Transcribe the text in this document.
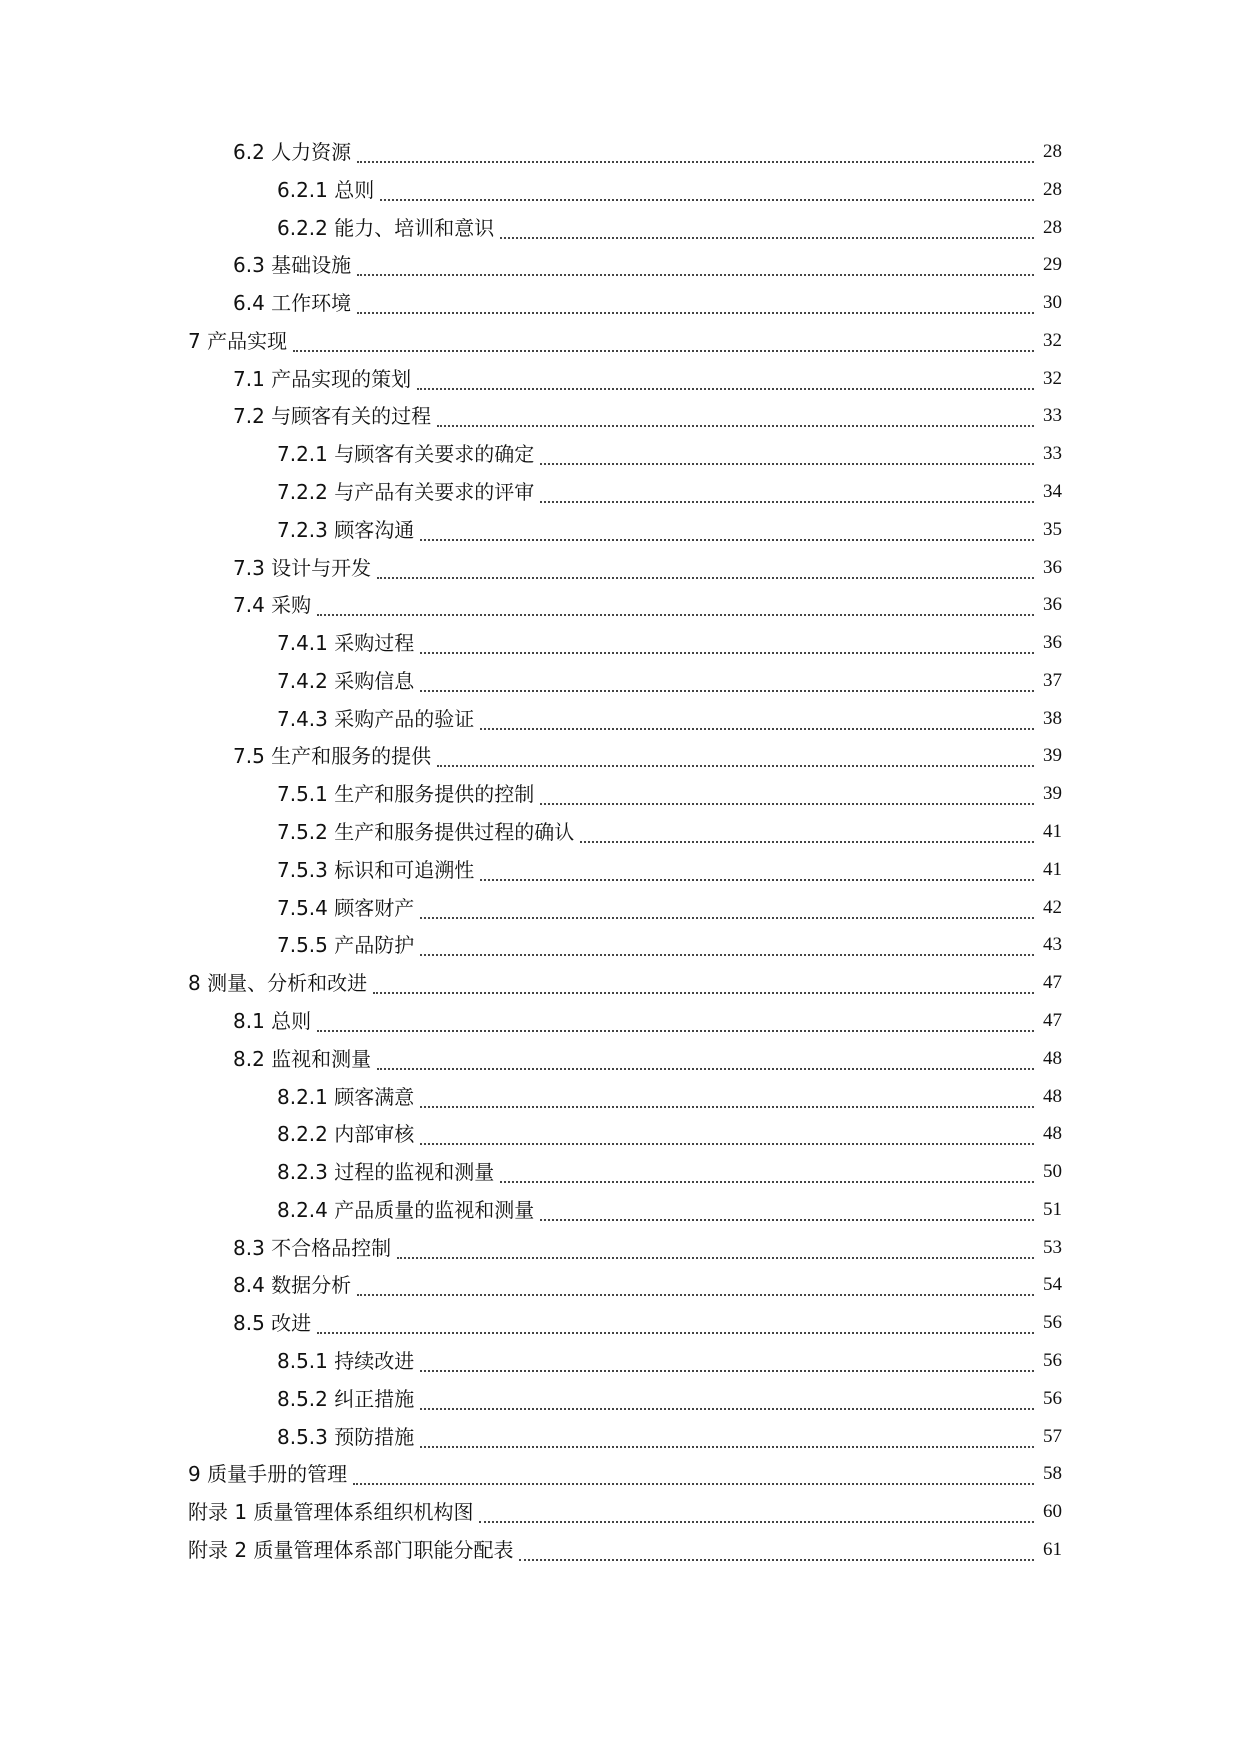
6.2 人力资源	28
6.2.1 总则	28
6.2.2 能力、培训和意识	28
6.3 基础设施	29
6.4 工作环境	30
7 产品实现	32
7.1 产品实现的策划	32
7.2 与顾客有关的过程	33
7.2.1 与顾客有关要求的确定	33
7.2.2 与产品有关要求的评审	34
7.2.3 顾客沟通	35
7.3 设计与开发	36
7.4 采购	36
7.4.1 采购过程	36
7.4.2 采购信息	37
7.4.3 采购产品的验证	38
7.5 生产和服务的提供	39
7.5.1 生产和服务提供的控制	39
7.5.2 生产和服务提供过程的确认	41
7.5.3 标识和可追溯性	41
7.5.4 顾客财产	42
7.5.5 产品防护	43
8 测量、分析和改进	47
8.1 总则	47
8.2 监视和测量	48
8.2.1 顾客满意	48
8.2.2 内部审核	48
8.2.3 过程的监视和测量	50
8.2.4 产品质量的监视和测量	51
8.3 不合格品控制	53
8.4 数据分析	54
8.5 改进	56
8.5.1 持续改进	56
8.5.2 纠正措施	56
8.5.3 预防措施	57
9 质量手册的管理	58
附录 1 质量管理体系组织机构图	60
附录 2 质量管理体系部门职能分配表	61
